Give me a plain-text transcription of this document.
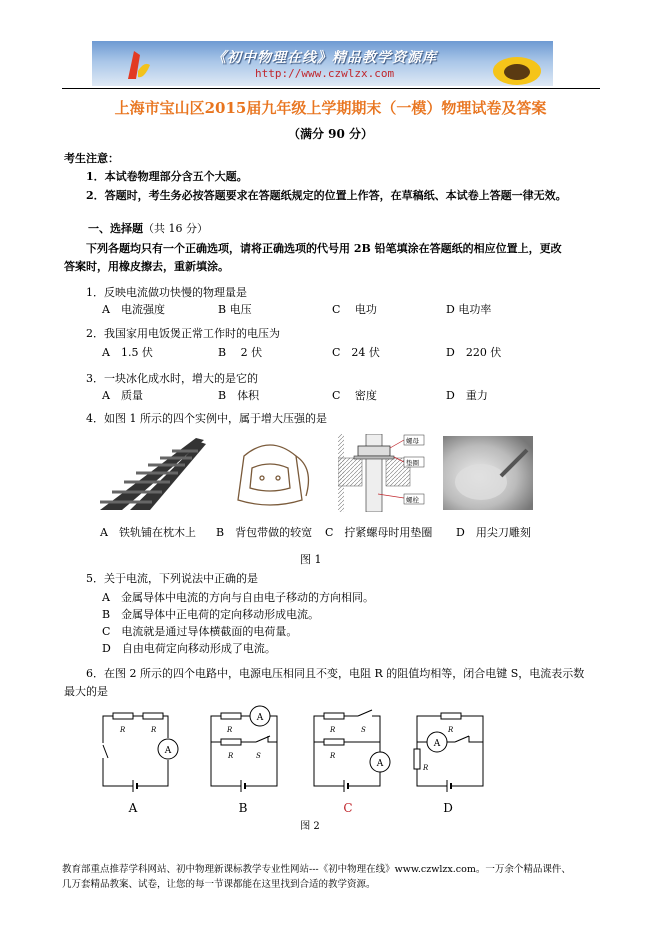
《初中物理在线》精品教学资源库
http://www.czwlzx.com
上海市宝山区2015届九年级上学期期末（一模）物理试卷及答案
（满分 90 分）
考生注意：
1．本试卷物理部分含五个大题。
2．答题时，考生务必按答题要求在答题纸规定的位置上作答，在草稿纸、本试卷上答题一律无效。
一、选择题（共 16 分）
下列各题均只有一个正确选项，请将正确选项的代号用 2B 铅笔填涂在答题纸的相应位置上，更改
答案时，用橡皮擦去，重新填涂。
1．反映电流做功快慢的物理量是
A　电流强度	B 电压	C　 电功	D 电功率
2．我国家用电饭煲正常工作时的电压为
A　1.5 伏	B　 2 伏	C　24 伏	D　220 伏
3．一块冰化成水时，增大的是它的
A　质量	B　体积	C　 密度	D　重力
4．如图 1 所示的四个实例中，属于增大压强的是
螺母
垫圈
螺栓
A　铁轨铺在枕木上 B　背包带做的较宽 C　拧紧螺母时用垫圈 D　用尖刀雕刻
图 1
5．关于电流，下列说法中正确的是
A　金属导体中电流的方向与自由电子移动的方向相同。
B　金属导体中正电荷的定向移动形成电流。
C　电流就是通过导体横截面的电荷量。
D　自由电荷定向移动形成了电流。
6．在图 2 所示的四个电路中，电源电压相同且不变，电阻 R 的阻值均相等，闭合电键 S，电流表示数
最大的是
A
A
A
A
R	R	R
R	S
R	S
R
R
R
A	B	C	D
图 2
教育部重点推荐学科网站、初中物理新课标教学专业性网站---《初中物理在线》www.czwlzx.com。一万余个精品课件、
几万套精品教案、试卷，让您的每一节课都能在这里找到合适的教学资源。
